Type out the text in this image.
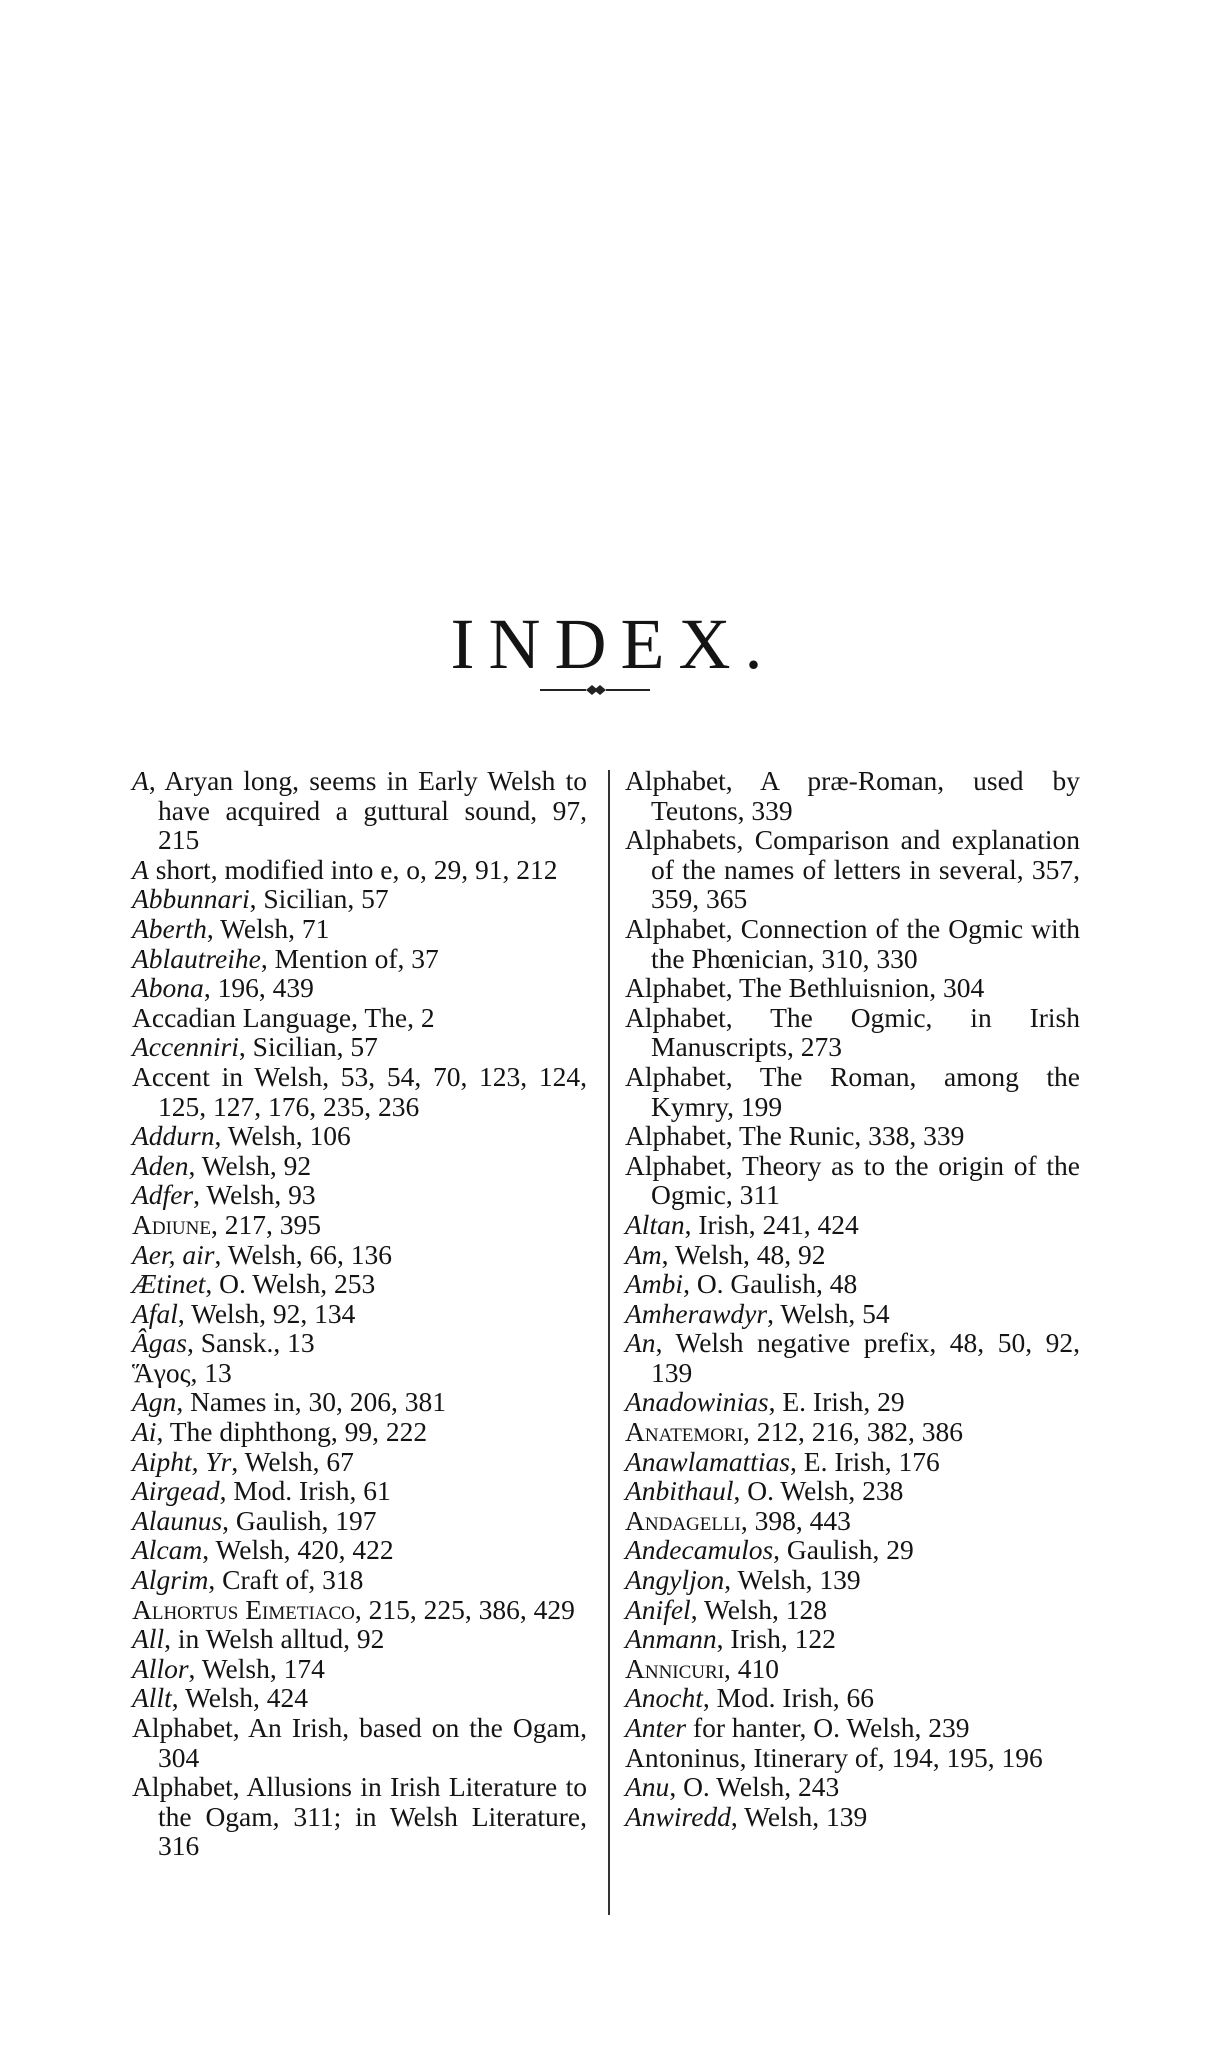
INDEX.
A, Aryan long, seems in Early Welsh to have acquired a guttural sound, 97, 215
A short, modified into e, o, 29, 91, 212
Abbunnari, Sicilian, 57
Aberth, Welsh, 71
Ablautreihe, Mention of, 37
Abona, 196, 439
Accadian Language, The, 2
Accenniri, Sicilian, 57
Accent in Welsh, 53, 54, 70, 123, 124, 125, 127, 176, 235, 236
Addurn, Welsh, 106
Aden, Welsh, 92
Adfer, Welsh, 93
Adiune, 217, 395
Aer, air, Welsh, 66, 136
Ætinet, O. Welsh, 253
Afal, Welsh, 92, 134
Âgas, Sansk., 13
Ἅγος, 13
Agn, Names in, 30, 206, 381
Ai, The diphthong, 99, 222
Aipht, Yr, Welsh, 67
Airgead, Mod. Irish, 61
Alaunus, Gaulish, 197
Alcam, Welsh, 420, 422
Algrim, Craft of, 318
Alhortus Eimetiaco, 215, 225, 386, 429
All, in Welsh alltud, 92
Allor, Welsh, 174
Allt, Welsh, 424
Alphabet, An Irish, based on the Ogam, 304
Alphabet, Allusions in Irish Literature to the Ogam, 311; in Welsh Literature, 316
Alphabet, A præ-Roman, used by Teutons, 339
Alphabets, Comparison and explanation of the names of letters in several, 357, 359, 365
Alphabet, Connection of the Ogmic with the Phœnician, 310, 330
Alphabet, The Bethluisnion, 304
Alphabet, The Ogmic, in Irish Manuscripts, 273
Alphabet, The Roman, among the Kymry, 199
Alphabet, The Runic, 338, 339
Alphabet, Theory as to the origin of the Ogmic, 311
Altan, Irish, 241, 424
Am, Welsh, 48, 92
Ambi, O. Gaulish, 48
Amherawdyr, Welsh, 54
An, Welsh negative prefix, 48, 50, 92, 139
Anadowinias, E. Irish, 29
Anatemori, 212, 216, 382, 386
Anawlamattias, E. Irish, 176
Anbithaul, O. Welsh, 238
Andagelli, 398, 443
Andecamulos, Gaulish, 29
Angyljon, Welsh, 139
Anifel, Welsh, 128
Anmann, Irish, 122
Annicuri, 410
Anocht, Mod. Irish, 66
Anter for hanter, O. Welsh, 239
Antoninus, Itinerary of, 194, 195, 196
Anu, O. Welsh, 243
Anwiredd, Welsh, 139
